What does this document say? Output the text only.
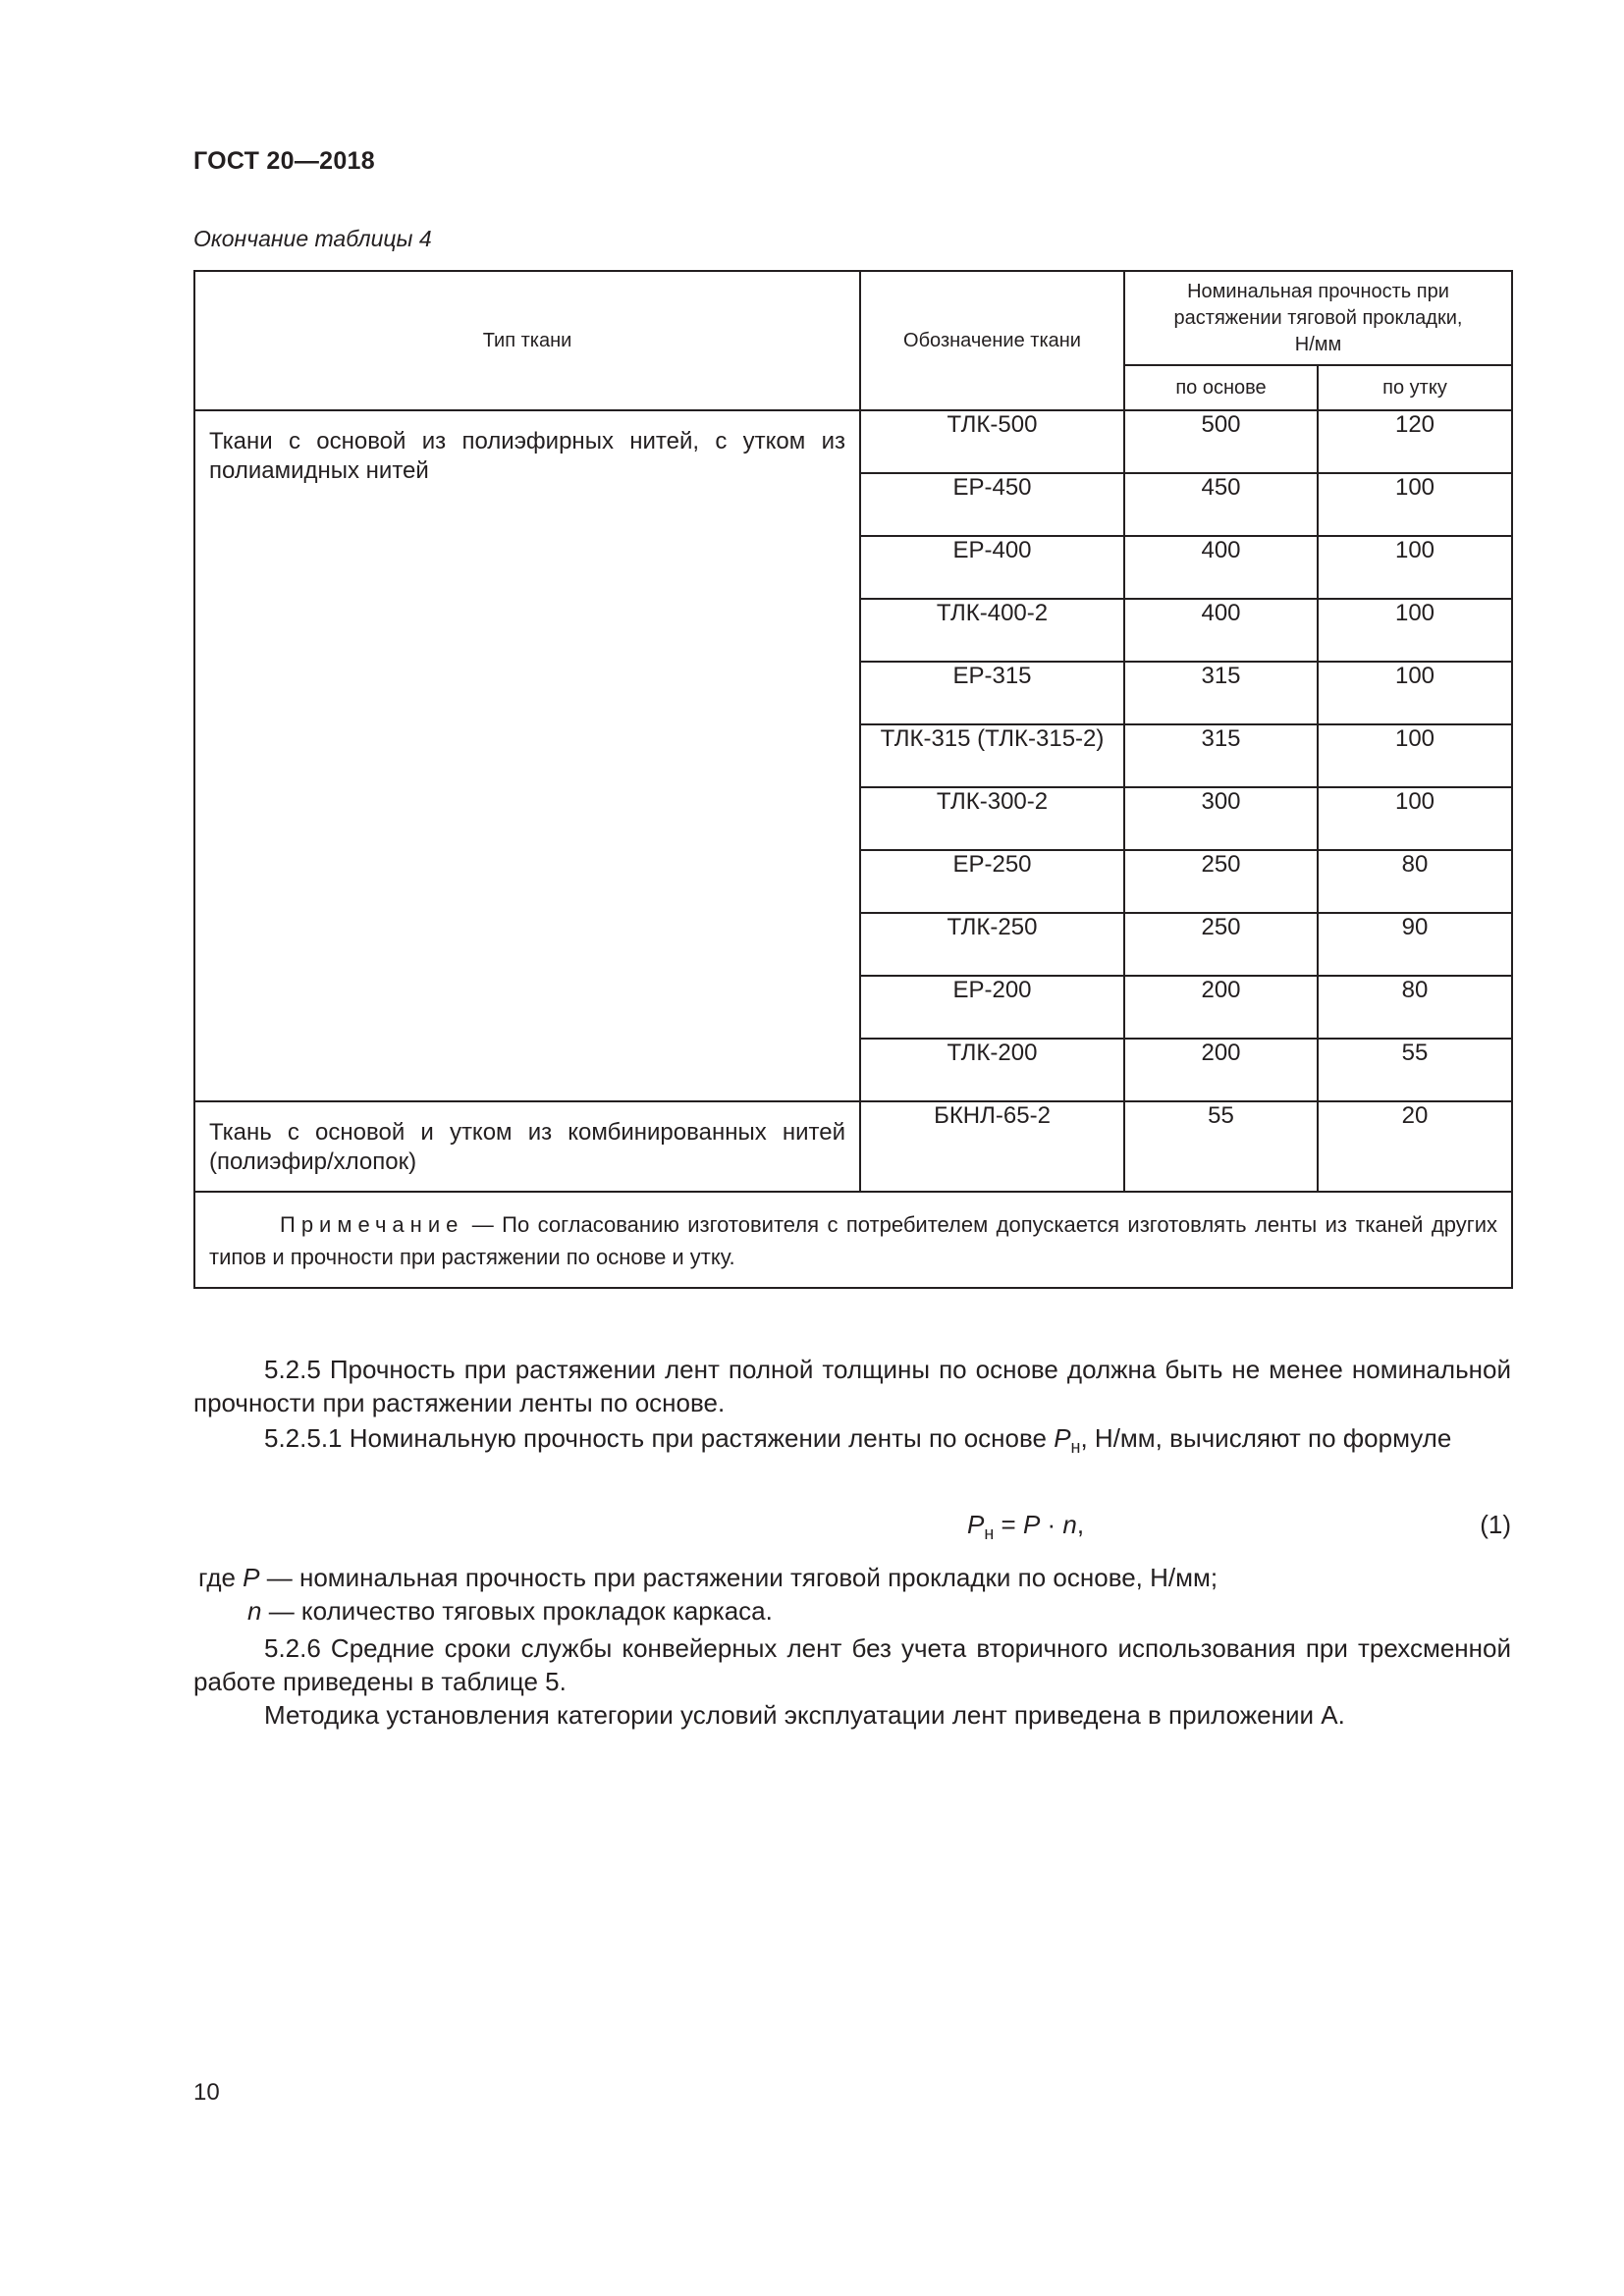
ГОСТ 20—2018
Окончание таблицы 4
Тип ткани	Обозначение ткани	Номинальная прочность при растяжении тяговой прокладки, Н/мм	
		по основе	по утку
Ткани с основой из полиэфирных нитей, с утком из полиамидных нитей	ТЛК-500	500	120
	ЕР-450	450	100
	ЕР-400	400	100
	ТЛК-400-2	400	100
	ЕР-315	315	100
	ТЛК-315 (ТЛК-315-2)	315	100
	ТЛК-300-2	300	100
	ЕР-250	250	80
	ТЛК-250	250	90
	ЕР-200	200	80
	ТЛК-200	200	55
Ткань с основой и утком из комбинированных нитей (полиэфир/хлопок)	БКНЛ-65-2	55	20
Примечание — По согласованию изготовителя с потребителем допускается изготовлять ленты из тканей других типов и прочности при растяжении по основе и утку.			

5.2.5 Прочность при растяжении лент полной толщины по основе должна быть не менее номинальной прочности при растяжении ленты по основе.

5.2.5.1 Номинальную прочность при растяжении ленты по основе $P_н$, Н/мм, вычисляют по формуле

$P_н = P \cdot n$,	(1)
где P — номинальная прочность при растяжении тяговой прокладки по основе, Н/мм;
n — количество тяговых прокладок каркаса.

5.2.6 Средние сроки службы конвейерных лент без учета вторичного использования при трехсменной работе приведены в таблице 5.

Методика установления категории условий эксплуатации лент приведена в приложении А.

10
